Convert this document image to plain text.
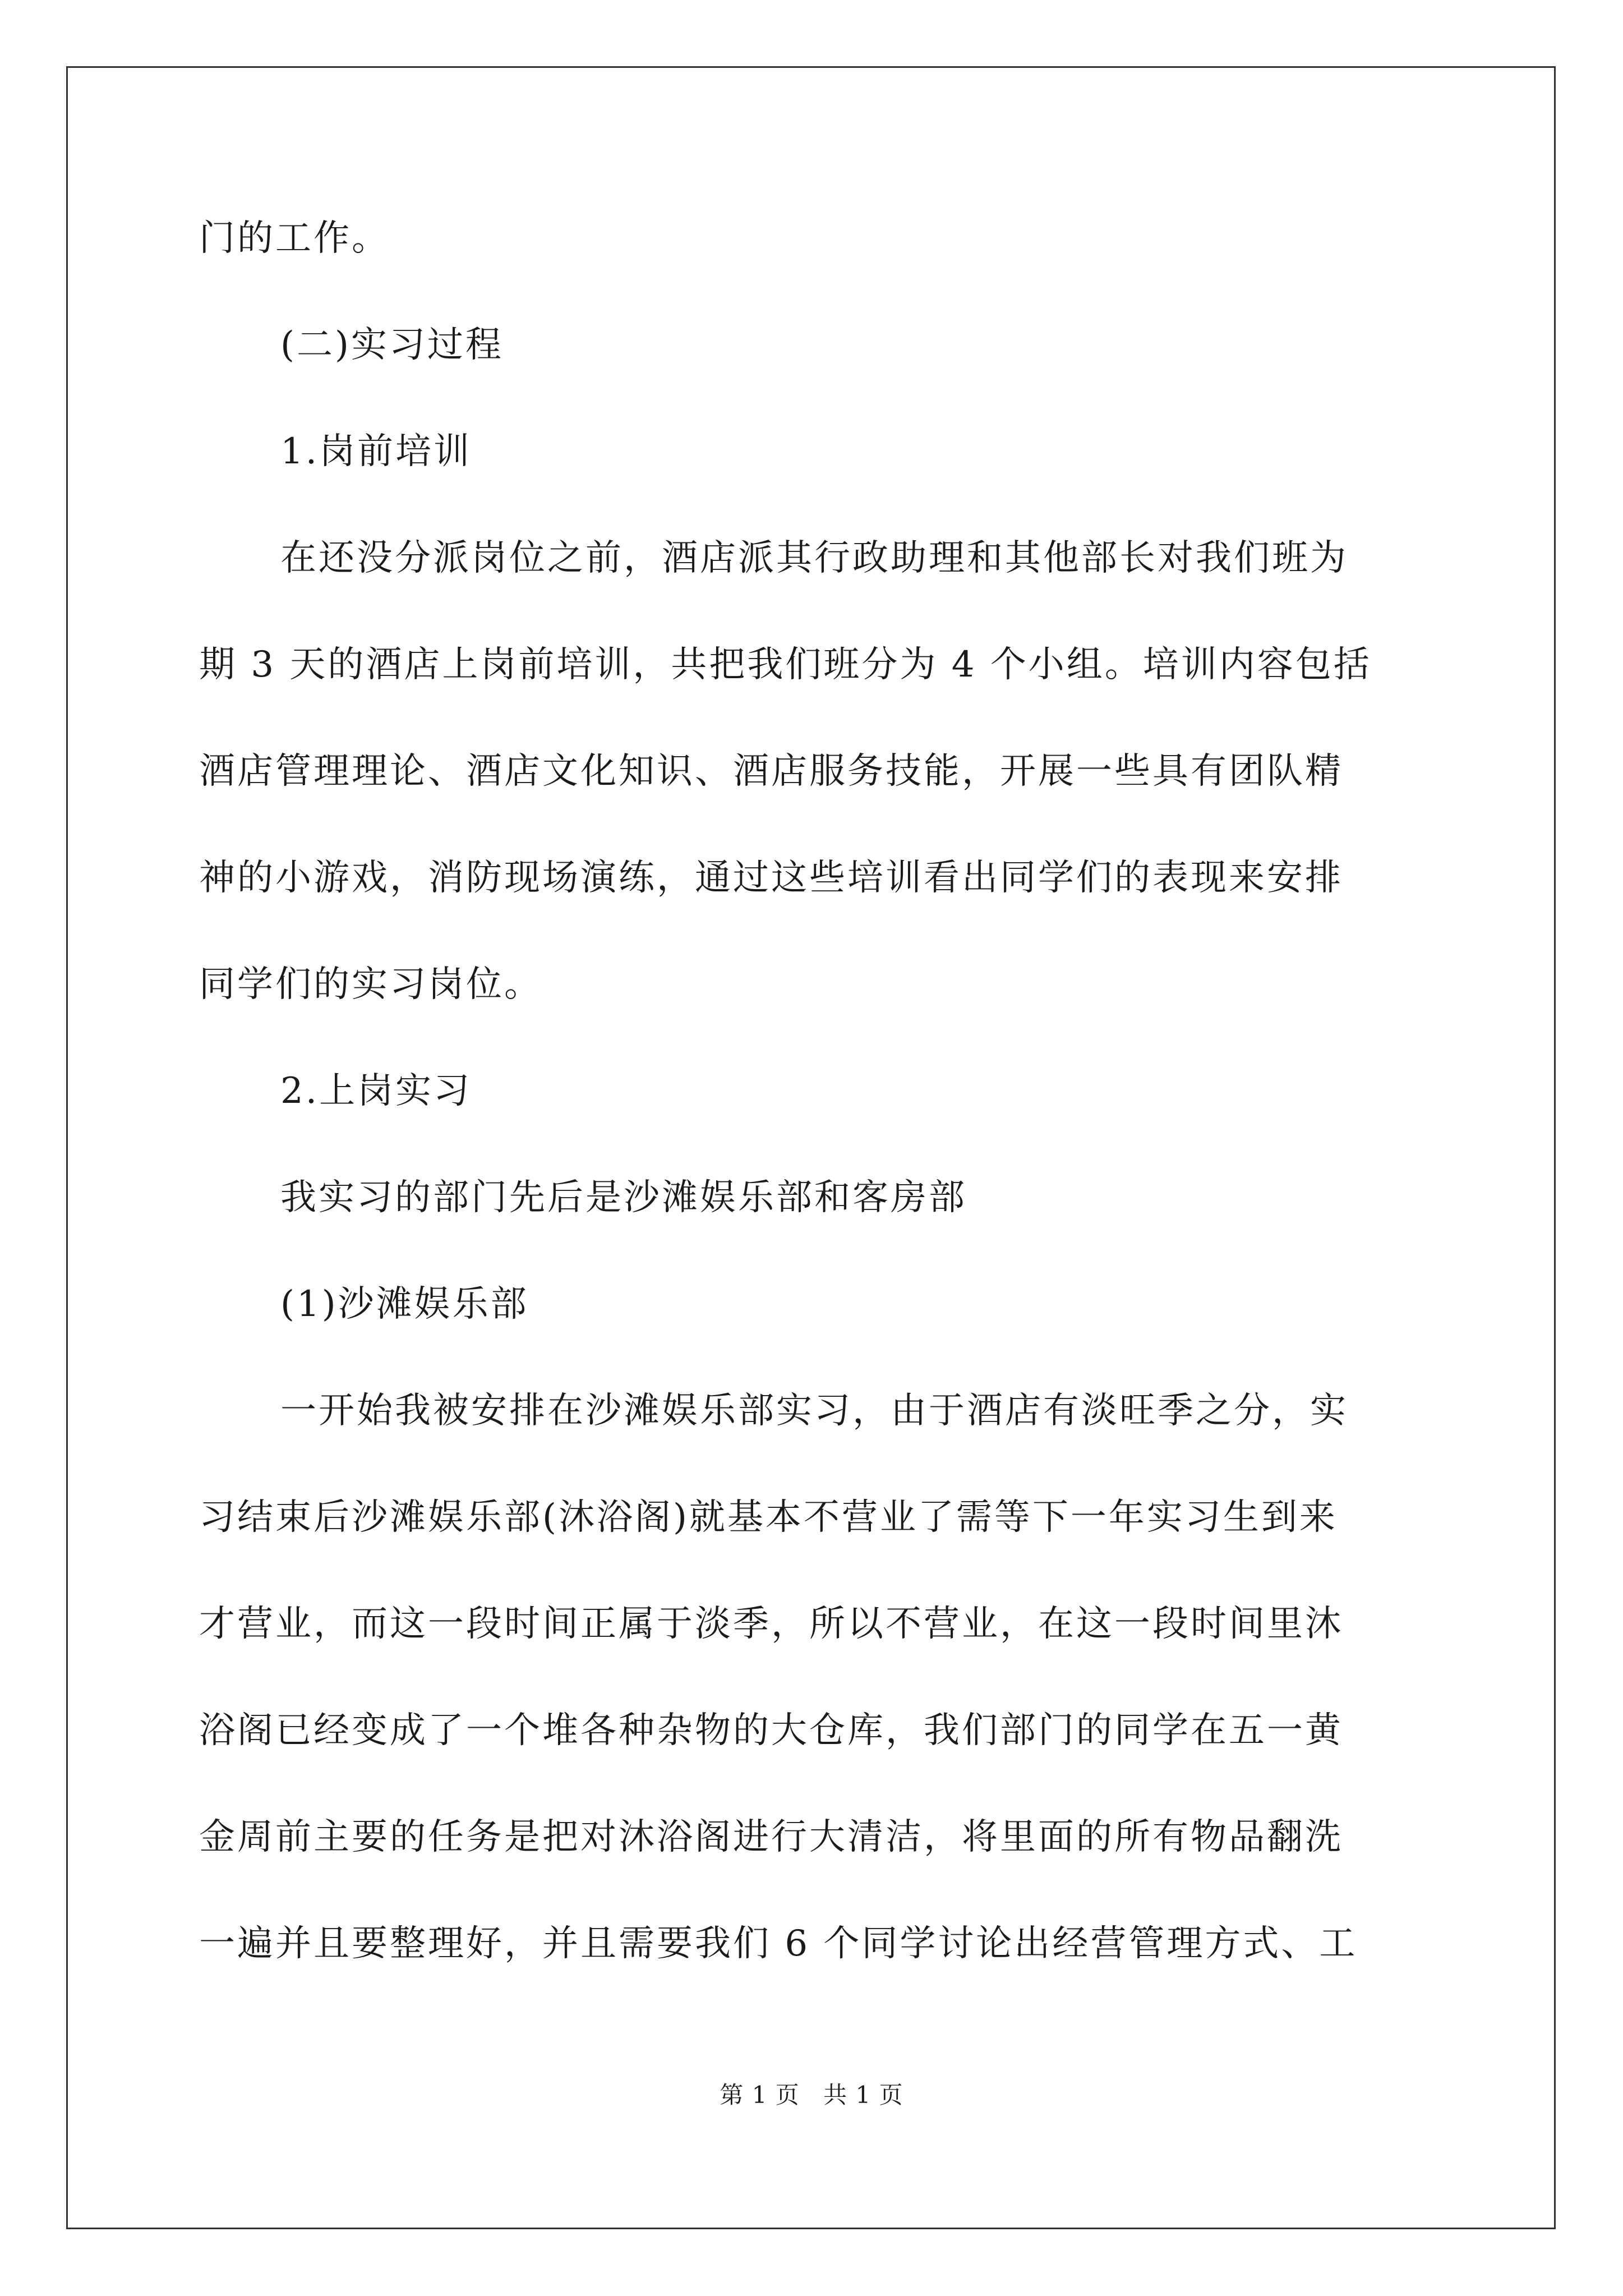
门的工作。

(二)实习过程

1.岗前培训

在还没分派岗位之前，酒店派其行政助理和其他部长对我们班为

期 3 天的酒店上岗前培训，共把我们班分为 4 个小组。培训内容包括

酒店管理理论、酒店文化知识、酒店服务技能，开展一些具有团队精

神的小游戏，消防现场演练，通过这些培训看出同学们的表现来安排

同学们的实习岗位。

2.上岗实习

我实习的部门先后是沙滩娱乐部和客房部

(1)沙滩娱乐部

一开始我被安排在沙滩娱乐部实习，由于酒店有淡旺季之分，实

习结束后沙滩娱乐部(沐浴阁)就基本不营业了需等下一年实习生到来

才营业，而这一段时间正属于淡季，所以不营业，在这一段时间里沐

浴阁已经变成了一个堆各种杂物的大仓库，我们部门的同学在五一黄

金周前主要的任务是把对沐浴阁进行大清洁，将里面的所有物品翻洗

一遍并且要整理好，并且需要我们 6 个同学讨论出经营管理方式、工

第 1 页 共 1 页
